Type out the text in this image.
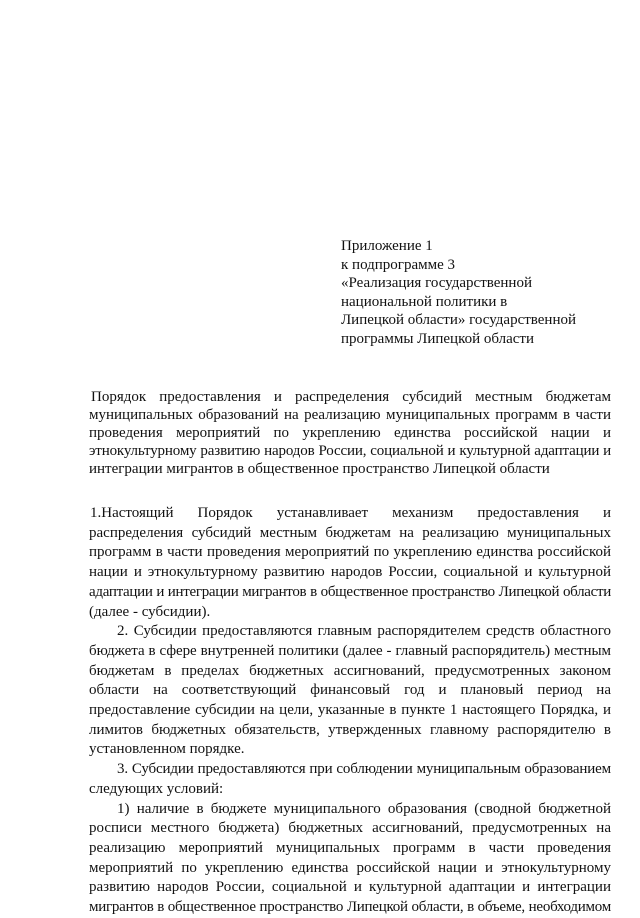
Приложение 1
к подпрограмме 3
«Реализация государственной
национальной политики в
Липецкой области» государственной
программы Липецкой области
Порядок предоставления и распределения субсидий местным бюджетам
муниципальных образований на реализацию муниципальных программ в части
проведения мероприятий по укреплению единства российской нации и
этнокультурному развитию народов России, социальной и культурной адаптации и
интеграции мигрантов в общественное пространство Липецкой области
1.Настоящий Порядок устанавливает механизм предоставления и
распределения субсидий местным бюджетам на реализацию муниципальных
программ в части проведения мероприятий по укреплению единства российской
нации и этнокультурному развитию народов России, социальной и культурной
адаптации и интеграции мигрантов в общественное пространство Липецкой области
(далее - субсидии).
2. Субсидии предоставляются главным распорядителем средств областного
бюджета в сфере внутренней политики (далее - главный распорядитель) местным
бюджетам в пределах бюджетных ассигнований, предусмотренных законом
области на соответствующий финансовый год и плановый период на
предоставление субсидии на цели, указанные в пункте 1 настоящего Порядка, и
лимитов бюджетных обязательств, утвержденных главному распорядителю в
установленном порядке.
3. Субсидии предоставляются при соблюдении муниципальным образованием
следующих условий:
1) наличие в бюджете муниципального образования (сводной бюджетной
росписи местного бюджета) бюджетных ассигнований, предусмотренных на
реализацию мероприятий муниципальных программ в части проведения
мероприятий по укреплению единства российской нации и этнокультурному
развитию народов России, социальной и культурной адаптации и интеграции
мигрантов в общественное пространство Липецкой области, в объеме, необходимом
